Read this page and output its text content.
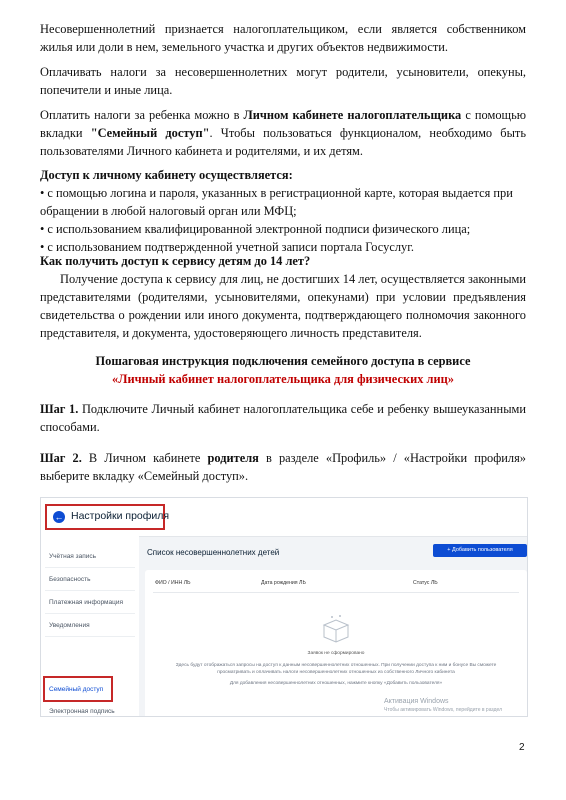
Несовершеннолетний признается налогоплательщиком, если является собственником

жилья или доли в нем, земельного участка и других объектов недвижимости.

Оплачивать налоги за несовершеннолетних могут родители, усыновители, опекуны,

попечители и иные лица.

Оплатить налоги за ребенка можно в Личном кабинете налогоплательщика с помощью

вкладки "Семейный доступ". Чтобы пользоваться функционалом, необходимо быть

пользователями Личного кабинета и родителями, и их детям.

Доступ к личному кабинету осуществляется:

• с помощью логина и пароля, указанных в регистрационной карте, которая выдается при

обращении в любой налоговый орган или МФЦ;

• с использованием квалифицированной электронной подписи физического лица;

• с использованием подтвержденной учетной записи портала Госуслуг.

Как получить доступ к сервису детям до 14 лет?

Получение доступа к сервису для лиц, не достигших 14 лет, осуществляется законными

представителями (родителями, усыновителями, опекунами) при условии предъявления

свидетельства о рождении или иного документа, подтверждающего полномочия законного

представителя, и документа, удостоверяющего личность представителя.

Пошаговая инструкция подключения семейного доступа в сервисе

«Личный кабинет налогоплательщика для физических лиц»

Шаг 1. Подключите Личный кабинет налогоплательщика себе и ребенку вышеуказанными

способами.

Шаг 2. В Личном кабинете родителя в разделе «Профиль» / «Настройки профиля»

выберите вкладку «Семейный доступ».

← Настройки профиля
Учётная запись
Безопасность
Платежная информация
Уведомления
Семейный доступ
Электронная подпись
Список несовершеннолетних детей	+ Добавить пользователя
ФИО / ИНН ЛЬ	Дата рождения ЛЬ	Статус ЛЬ
Заявок не сформировано
Здесь будут отображаться запросы на доступ к данным несовершеннолетних отношенных. При получении доступа к ним и бонусе Вы сможете
просматривать и оплачивать налоги несовершеннолетних отношенных из собственного Личного кабинета
Для добавления несовершеннолетних отношенных, нажмите кнопку «Добавить пользователя»
Активация Windows
Чтобы активировать Windows, перейдите в раздел
2
